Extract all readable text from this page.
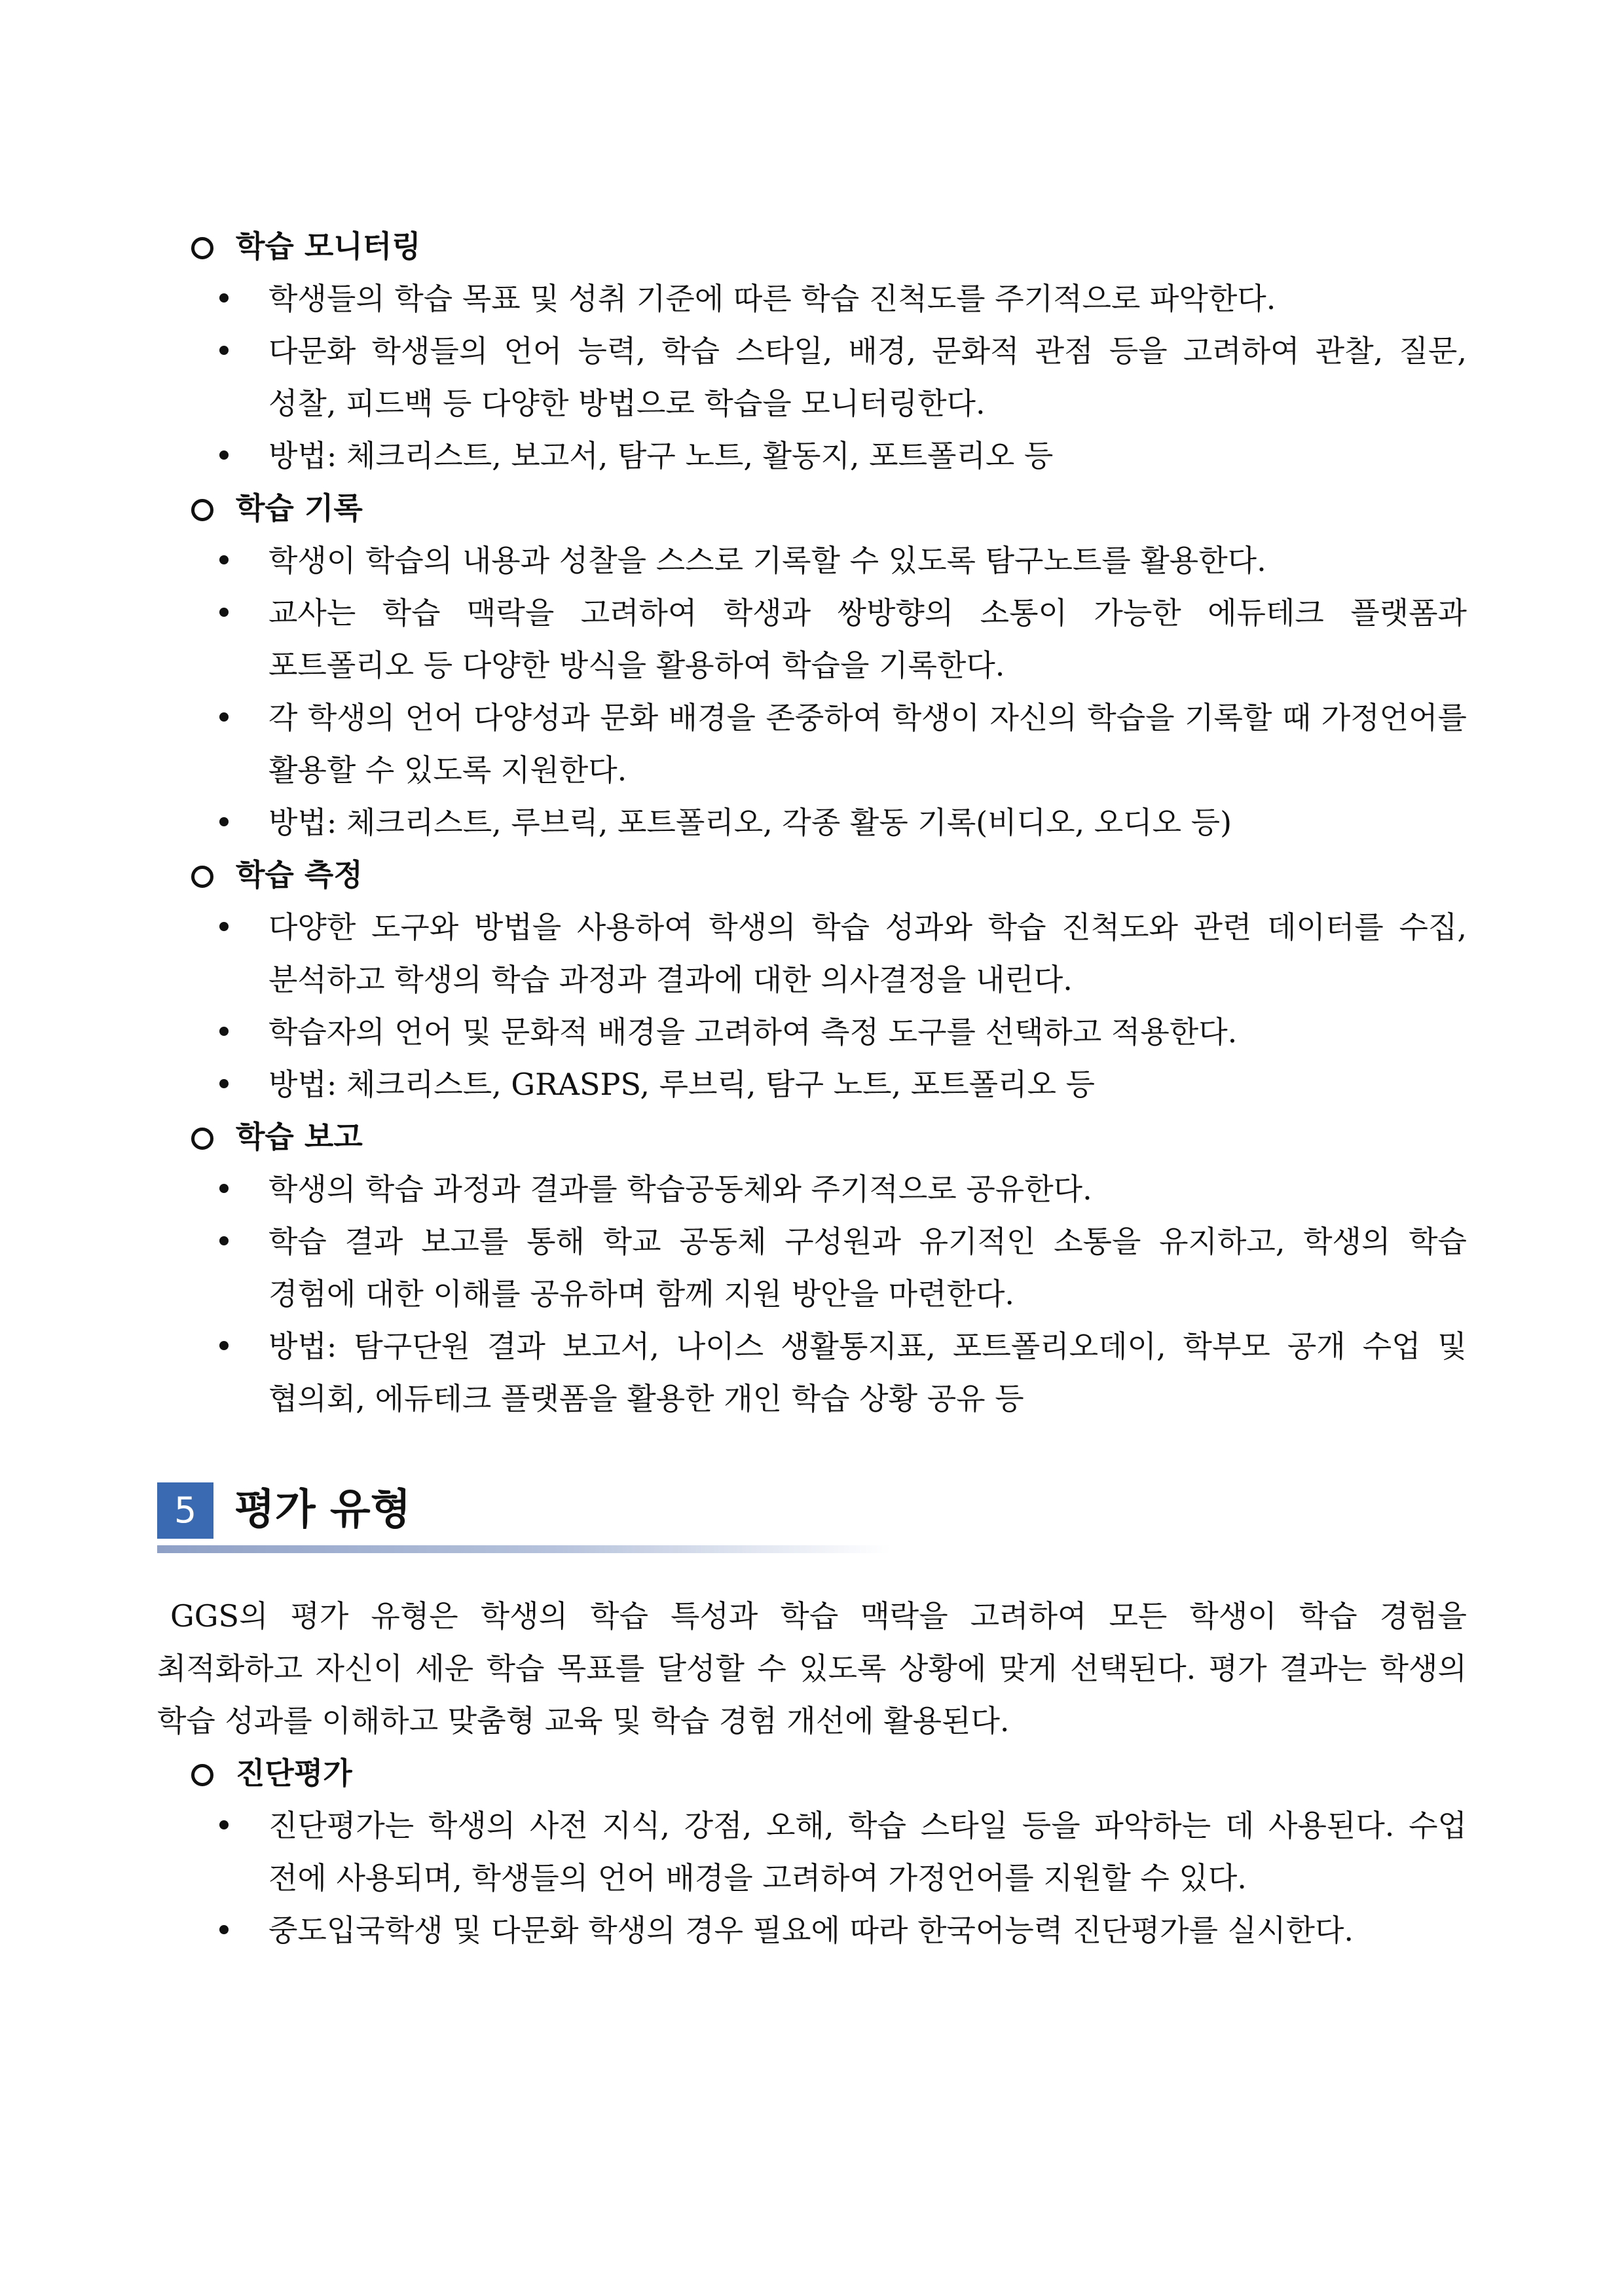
학습 모니터링
학생들의 학습 목표 및 성취 기준에 따른 학습 진척도를 주기적으로 파악한다.
다문화 학생들의 언어 능력, 학습 스타일, 배경, 문화적 관점 등을 고려하여 관찰, 질문, 성찰, 피드백 등 다양한 방법으로 학습을 모니터링한다.
방법: 체크리스트, 보고서, 탐구 노트, 활동지, 포트폴리오 등
학습 기록
학생이 학습의 내용과 성찰을 스스로 기록할 수 있도록 탐구노트를 활용한다.
교사는 학습 맥락을 고려하여 학생과 쌍방향의 소통이 가능한 에듀테크 플랫폼과 포트폴리오 등 다양한 방식을 활용하여 학습을 기록한다.
각 학생의 언어 다양성과 문화 배경을 존중하여 학생이 자신의 학습을 기록할 때 가정언어를 활용할 수 있도록 지원한다.
방법: 체크리스트, 루브릭, 포트폴리오, 각종 활동 기록(비디오, 오디오 등)
학습 측정
다양한 도구와 방법을 사용하여 학생의 학습 성과와 학습 진척도와 관련 데이터를 수집, 분석하고 학생의 학습 과정과 결과에 대한 의사결정을 내린다.
학습자의 언어 및 문화적 배경을 고려하여 측정 도구를 선택하고 적용한다.
방법: 체크리스트, GRASPS, 루브릭, 탐구 노트, 포트폴리오 등
학습 보고
학생의 학습 과정과 결과를 학습공동체와 주기적으로 공유한다.
학습 결과 보고를 통해 학교 공동체 구성원과 유기적인 소통을 유지하고, 학생의 학습 경험에 대한 이해를 공유하며 함께 지원 방안을 마련한다.
방법: 탐구단원 결과 보고서, 나이스 생활통지표, 포트폴리오데이, 학부모 공개 수업 및 협의회, 에듀테크 플랫폼을 활용한 개인 학습 상황 공유 등
5 평가 유형
GGS의 평가 유형은 학생의 학습 특성과 학습 맥락을 고려하여 모든 학생이 학습 경험을 최적화하고 자신이 세운 학습 목표를 달성할 수 있도록 상황에 맞게 선택된다. 평가 결과는 학생의 학습 성과를 이해하고 맞춤형 교육 및 학습 경험 개선에 활용된다.
진단평가
진단평가는 학생의 사전 지식, 강점, 오해, 학습 스타일 등을 파악하는 데 사용된다. 수업 전에 사용되며, 학생들의 언어 배경을 고려하여 가정언어를 지원할 수 있다.
중도입국학생 및 다문화 학생의 경우 필요에 따라 한국어능력 진단평가를 실시한다.
